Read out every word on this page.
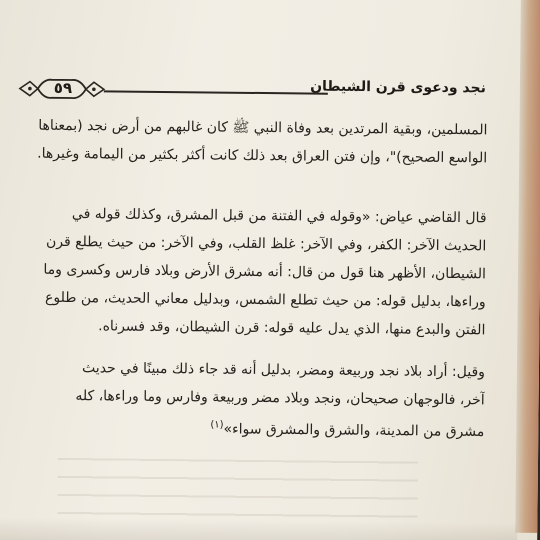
نجد ودعوى قرن الشيطان
٥٩

المسلمين، وبقية المرتدين بعد وفاة النبي ﷺ كان غالبهم من أرض نجد (بمعناها
الواسع الصحيح)"، وإن فتن العراق بعد ذلك كانت أكثر بكثير من اليمامة وغيرها.

قال القاضي عياض: «وقوله في الفتنة من قبل المشرق، وكذلك قوله في
الحديث الآخر: الكفر، وفي الآخر: غلظ القلب، وفي الآخر: من حيث يطلع قرن
الشيطان، الأظهر هنا قول من قال: أنه مشرق الأرض وبلاد فارس وكسرى وما
وراءها، بدليل قوله: من حيث تطلع الشمس، وبدليل معاني الحديث، من طلوع
الفتن والبدع منها، الذي يدل عليه قوله: قرن الشيطان، وقد فسرناه.

وقيل: أراد بلاد نجد وربيعة ومضر، بدليل أنه قد جاء ذلك مبينًا في حديث
آخر، فالوجهان صحيحان، ونجد وبلاد مضر وربيعة وفارس وما وراءها، كله
مشرق من المدينة، والشرق والمشرق سواء»$^{(١)}$
